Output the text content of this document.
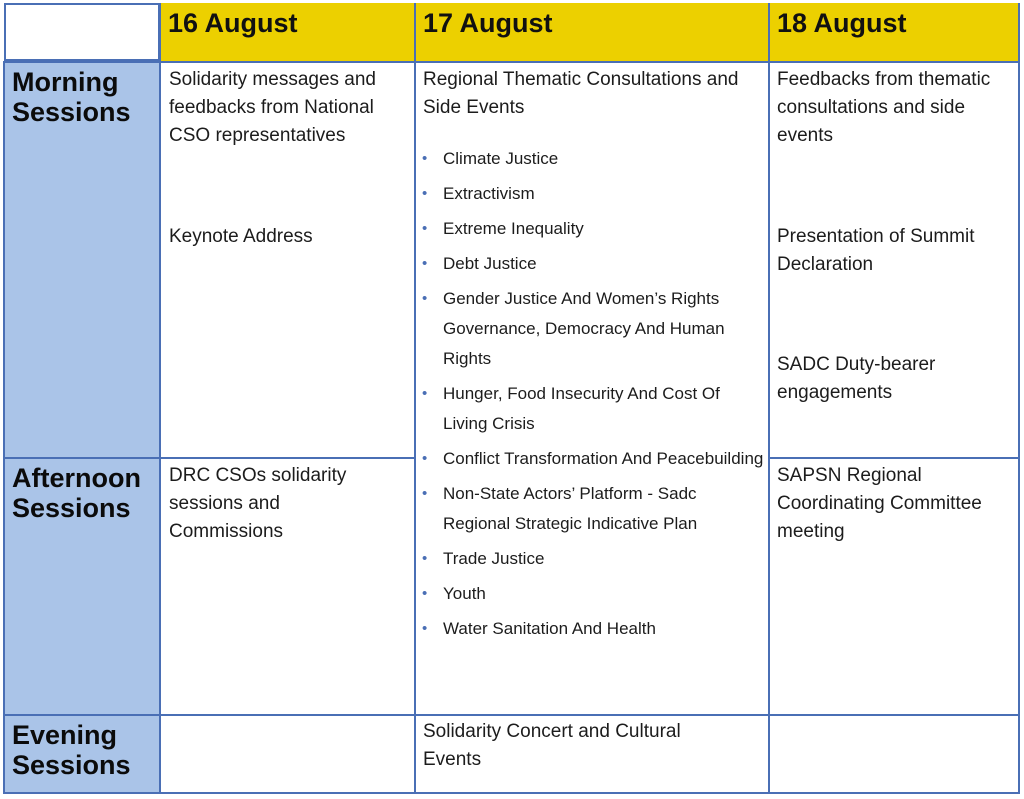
16 August	17 August	18 August
Morning
Sessions
Afternoon
Sessions
Evening
Sessions
Solidarity messages and feedbacks from National CSO representatives
Keynote Address
DRC CSOs solidarity sessions and Commissions
Regional Thematic Consultations and Side Events
• Climate Justice
• Extractivism
• Extreme Inequality
• Debt Justice
• Gender Justice And Women’s Rights Governance, Democracy And Human Rights
• Hunger, Food Insecurity And Cost Of Living Crisis
• Conflict Transformation And Peacebuilding
• Non-State Actors’ Platform - Sadc Regional Strategic Indicative Plan
• Trade Justice
• Youth
• Water Sanitation And Health
Solidarity Concert and Cultural Events
Feedbacks from thematic consultations and side events
Presentation of Summit Declaration
SADC Duty-bearer engagements
SAPSN Regional Coordinating Committee meeting
